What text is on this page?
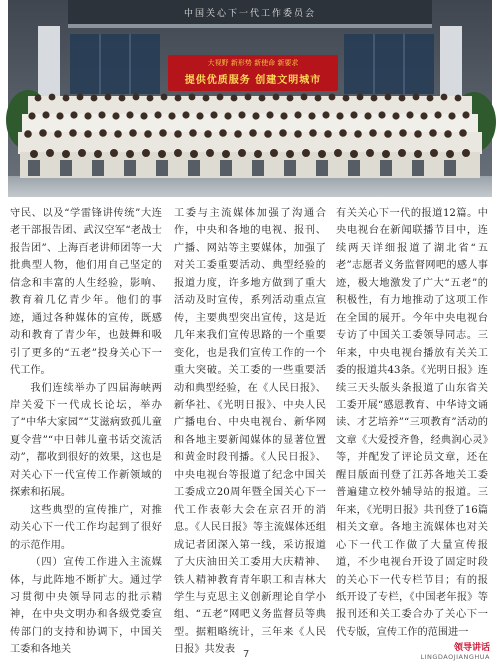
中国关心下一代工作委员会
大视野 新形势 新使命 新要求
提供优质服务 创建文明城市

守民、以及“学雷锋讲传统”大连老干部报告团、武汉空军“老战士报告团”、上海百老讲师团等一大批典型人物，他们用自己坚定的信念和丰富的人生经验，影响、教育着几亿青少年。他们的事迹，通过各种媒体的宣传，既感动和教育了青少年，也鼓舞和吸引了更多的“五老”投身关心下一代工作。

我们连续举办了四届海峡两岸关爱下一代成长论坛，举办了“中华大家园”“艾滋病致孤儿童夏令营”“中日韩儿童书话交流活动”，都收到很好的效果，这也是对关心下一代宣传工作新领域的探索和拓展。

这些典型的宣传推广，对推动关心下一代工作均起到了很好的示范作用。

（四）宣传工作进入主流媒体，与此阵地不断扩大。通过学习贯彻中央领导同志的批示精神，在中央文明办和各级党委宣传部门的支持和协调下，中国关工委和各地关

工委与主流媒体加强了沟通合作，中央和各地的电视、报刊、广播、网站等主要媒体，加强了对关工委重要活动、典型经验的报道力度，许多地方做到了重大活动及时宣传，系列活动重点宣传，主要典型突出宣传，这是近几年来我们宣传思路的一个重要变化，也是我们宣传工作的一个重大突破。关工委的一些重要活动和典型经验，在《人民日报》、新华社、《光明日报》、中央人民广播电台、中央电视台、新华网和各地主要新闻媒体的显著位置和黄金时段刊播。《人民日报》、中央电视台等报道了纪念中国关工委成立20周年暨全国关心下一代工作表彰大会在京召开的消息。《人民日报》等主流媒体还组成记者团深入第一线，采访报道了大庆油田关工委用大庆精神、铁人精神教育青年职工和吉林大学生与克思主义创新理论自学小组、“五老”网吧义务监督员等典型。据粗略统计，三年来《人民日报》共发表

有关关心下一代的报道12篇。中央电视台在新闻联播节目中，连续两天详细报道了湖北省“五老”志愿者义务监督网吧的感人事迹，极大地激发了广大“五老”的积极性，有力地推动了这项工作在全国的展开。今年中央电视台专访了中国关工委领导同志。三年来，中央电视台播放有关关工委的报道共43条。《光明日报》连续三天头版头条报道了山东省关工委开展“感恩教育、中华诗文诵读、才艺培养”“三项教育”活动的文章《大爱授齐鲁，经典润心灵》等，并配发了评论员文章，还在醒目版面刊登了江苏各地关工委普遍建立校外辅导站的报道。三年来，《光明日报》共刊登了16篇相关文章。各地主流媒体也对关心下一代工作做了大量宣传报道，不少电视台开设了固定时段的关心下一代专栏节目；有的报纸开设了专栏，《中国老年报》等报刊还和关工委合办了关心下一代专版，宣传工作的范围进一

7
领导讲话
LINGDAOJIANGHUA
